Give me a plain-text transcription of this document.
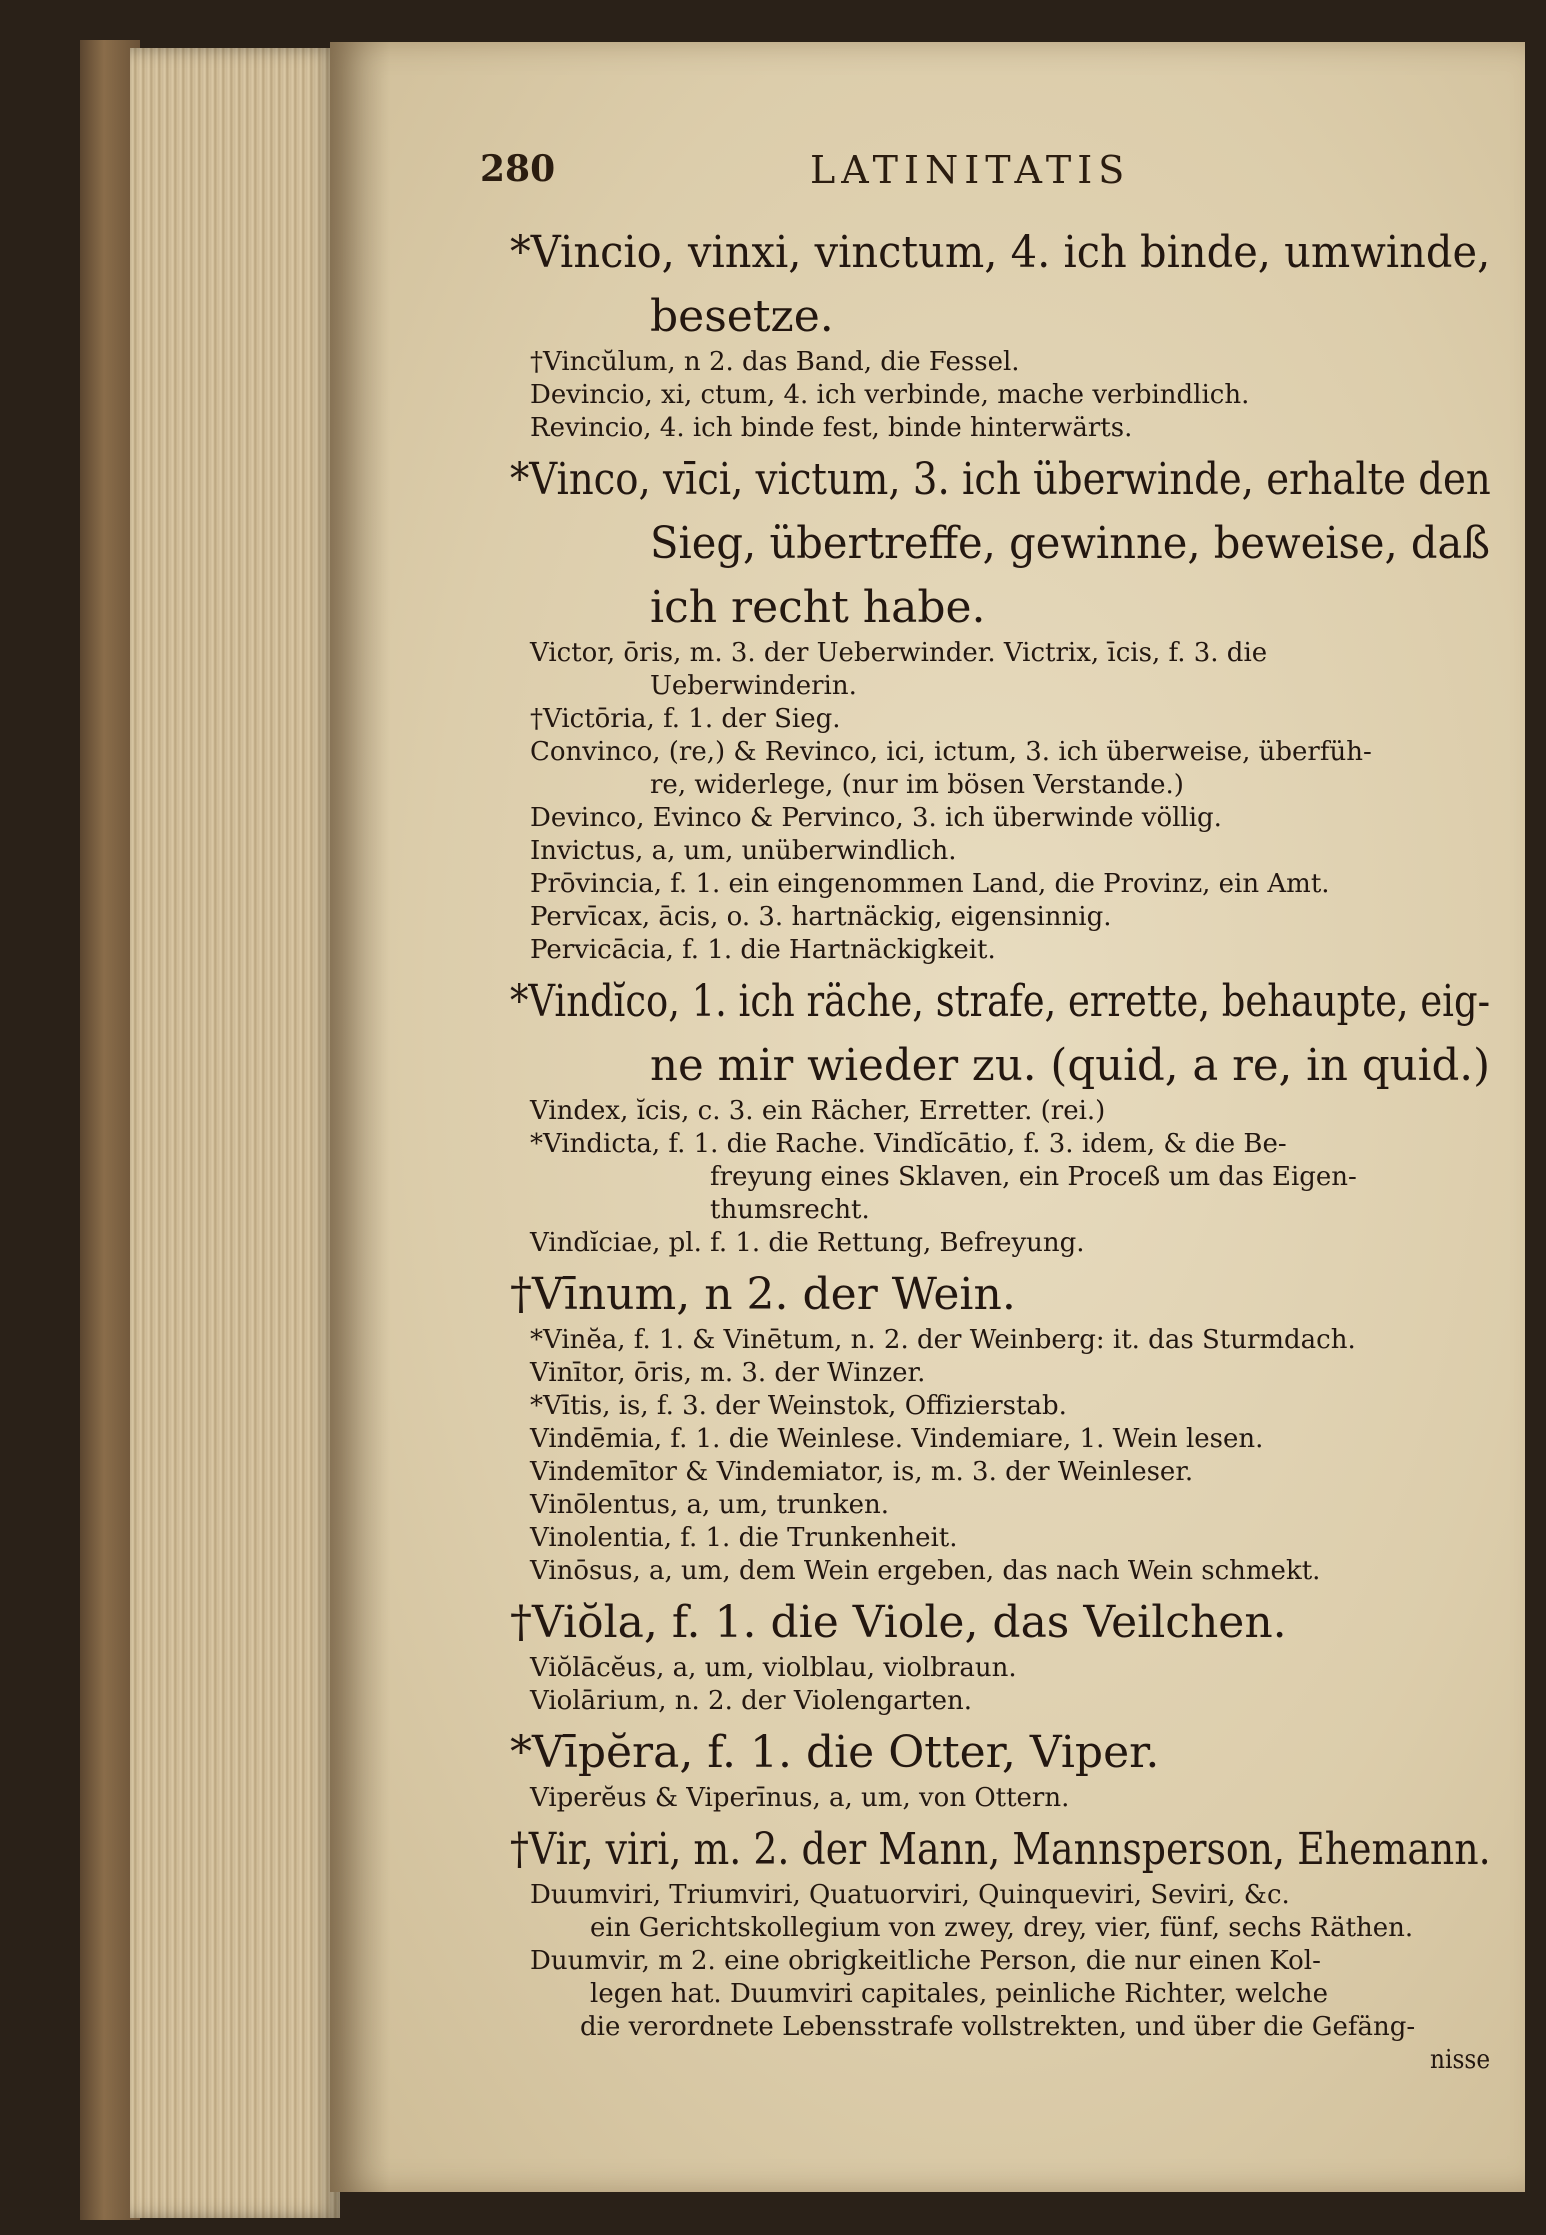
280	LATINITATIS
*Vincio, vinxi, vinctum, 4. ich binde, umwinde,
besetze.
†Vincŭlum, n 2. das Band, die Fessel.
Devincio, xi, ctum, 4. ich verbinde, mache verbindlich.
Revincio, 4. ich binde fest, binde hinterwärts.
*Vinco, vīci, victum, 3. ich überwinde, erhalte den
Sieg, übertreffe, gewinne, beweise, daß
ich recht habe.
Victor, ōris, m. 3. der Ueberwinder. Victrix, īcis, f. 3. die
Ueberwinderin.
†Victōria, f. 1. der Sieg.
Convinco, (re,) & Revinco, ici, ictum, 3. ich überweise, überfüh-
re, widerlege, (nur im bösen Verstande.)
Devinco, Evinco & Pervinco, 3. ich überwinde völlig.
Invictus, a, um, unüberwindlich.
Prōvincia, f. 1. ein eingenommen Land, die Provinz, ein Amt.
Pervīcax, ācis, o. 3. hartnäckig, eigensinnig.
Pervicācia, f. 1. die Hartnäckigkeit.
*Vindĭco, 1. ich räche, strafe, errette, behaupte, eig-
ne mir wieder zu. (quid, a re, in quid.)
Vindex, ĭcis, c. 3. ein Rächer, Erretter. (rei.)
*Vindicta, f. 1. die Rache. Vindĭcātio, f. 3. idem, & die Be-
freyung eines Sklaven, ein Proceß um das Eigen-
thumsrecht.
Vindĭciae, pl. f. 1. die Rettung, Befreyung.
†Vīnum, n 2. der Wein.
*Vinĕa, f. 1. & Vinētum, n. 2. der Weinberg: it. das Sturmdach.
Vinītor, ōris, m. 3. der Winzer.
*Vītis, is, f. 3. der Weinstok, Offizierstab.
Vindēmia, f. 1. die Weinlese. Vindemiare, 1. Wein lesen.
Vindemītor & Vindemiator, is, m. 3. der Weinleser.
Vinōlentus, a, um, trunken.
Vinolentia, f. 1. die Trunkenheit.
Vinōsus, a, um, dem Wein ergeben, das nach Wein schmekt.
†Viŏla, f. 1. die Viole, das Veilchen.
Viŏlācĕus, a, um, violblau, violbraun.
Violārium, n. 2. der Violengarten.
*Vīpĕra, f. 1. die Otter, Viper.
Viperĕus & Viperīnus, a, um, von Ottern.
†Vir, viri, m. 2. der Mann, Mannsperson, Ehemann.
Duumviri, Triumviri, Quatuorviri, Quinqueviri, Seviri, &c.
ein Gerichtskollegium von zwey, drey, vier, fünf, sechs Räthen.
Duumvir, m 2. eine obrigkeitliche Person, die nur einen Kol-
legen hat. Duumviri capitales, peinliche Richter, welche
die verordnete Lebensstrafe vollstrekten, und über die Gefäng-
nisse
